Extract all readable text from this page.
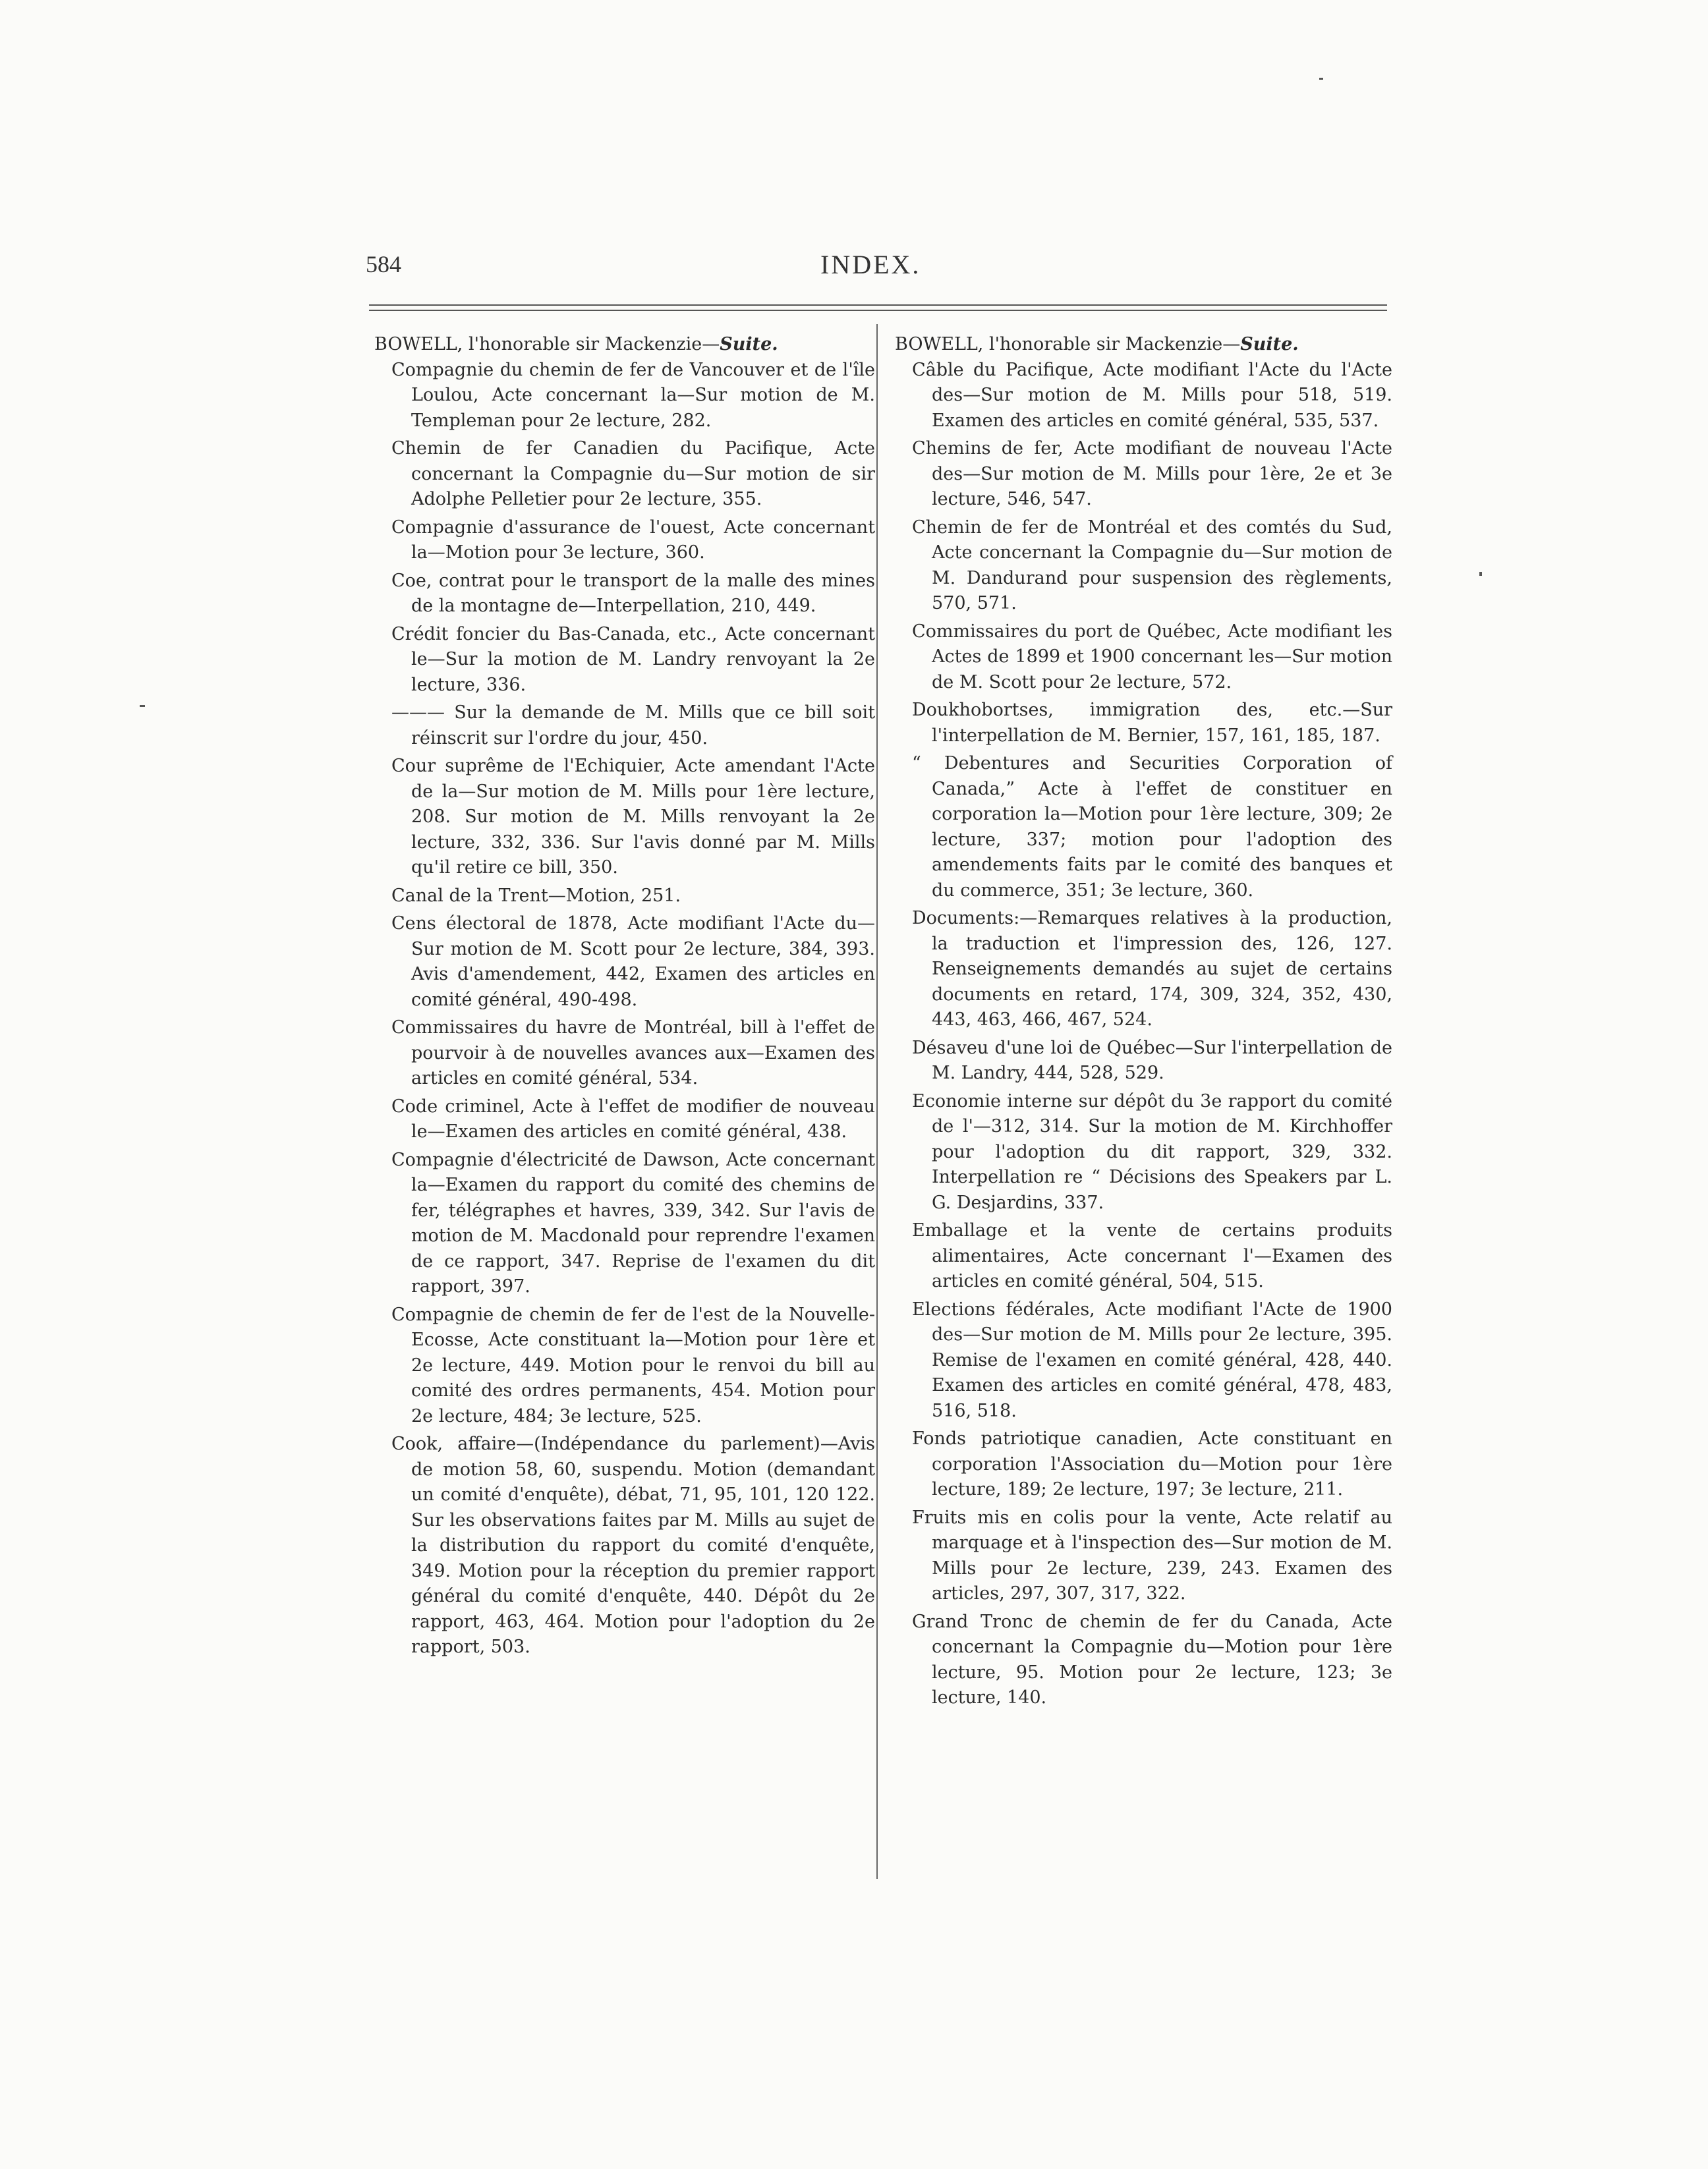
584	INDEX.
BOWELL, l'honorable sir Mackenzie—Suite.

Compagnie du chemin de fer de Vancouver et de l'île Loulou, Acte concernant la—Sur motion de M. Templeman pour 2e lecture, 282.

Chemin de fer Canadien du Pacifique, Acte concernant la Compagnie du—Sur motion de sir Adolphe Pelletier pour 2e lecture, 355.

Compagnie d'assurance de l'ouest, Acte concernant la—Motion pour 3e lecture, 360.

Coe, contrat pour le transport de la malle des mines de la montagne de—Interpellation, 210, 449.

Crédit foncier du Bas-Canada, etc., Acte concernant le—Sur la motion de M. Landry renvoyant la 2e lecture, 336.

——— Sur la demande de M. Mills que ce bill soit réinscrit sur l'ordre du jour, 450.

Cour suprême de l'Echiquier, Acte amendant l'Acte de la—Sur motion de M. Mills pour 1ère lecture, 208. Sur motion de M. Mills renvoyant la 2e lecture, 332, 336. Sur l'avis donné par M. Mills qu'il retire ce bill, 350.

Canal de la Trent—Motion, 251.

Cens électoral de 1878, Acte modifiant l'Acte du—Sur motion de M. Scott pour 2e lecture, 384, 393. Avis d'amendement, 442, Examen des articles en comité général, 490-498.

Commissaires du havre de Montréal, bill à l'effet de pourvoir à de nouvelles avances aux—Examen des articles en comité général, 534.

Code criminel, Acte à l'effet de modifier de nouveau le—Examen des articles en comité général, 438.

Compagnie d'électricité de Dawson, Acte concernant la—Examen du rapport du comité des chemins de fer, télégraphes et havres, 339, 342. Sur l'avis de motion de M. Macdonald pour reprendre l'examen de ce rapport, 347. Reprise de l'examen du dit rapport, 397.

Compagnie de chemin de fer de l'est de la Nouvelle-Ecosse, Acte constituant la—Motion pour 1ère et 2e lecture, 449. Motion pour le renvoi du bill au comité des ordres permanents, 454. Motion pour 2e lecture, 484; 3e lecture, 525.

Cook, affaire—(Indépendance du parlement)—Avis de motion 58, 60, suspendu. Motion (demandant un comité d'enquête), débat, 71, 95, 101, 120 122. Sur les observations faites par M. Mills au sujet de la distribution du rapport du comité d'enquête, 349. Motion pour la réception du premier rapport général du comité d'enquête, 440. Dépôt du 2e rapport, 463, 464. Motion pour l'adoption du 2e rapport, 503.

BOWELL, l'honorable sir Mackenzie—Suite.

Câble du Pacifique, Acte modifiant l'Acte du l'Acte des—Sur motion de M. Mills pour 518, 519. Examen des articles en comité général, 535, 537.

Chemins de fer, Acte modifiant de nouveau l'Acte des—Sur motion de M. Mills pour 1ère, 2e et 3e lecture, 546, 547.

Chemin de fer de Montréal et des comtés du Sud, Acte concernant la Compagnie du—Sur motion de M. Dandurand pour suspension des règlements, 570, 571.

Commissaires du port de Québec, Acte modifiant les Actes de 1899 et 1900 concernant les—Sur motion de M. Scott pour 2e lecture, 572.

Doukhobortses, immigration des, etc.—Sur l'interpellation de M. Bernier, 157, 161, 185, 187.

“ Debentures and Securities Corporation of Canada,” Acte à l'effet de constituer en corporation la—Motion pour 1ère lecture, 309; 2e lecture, 337; motion pour l'adoption des amendements faits par le comité des banques et du commerce, 351; 3e lecture, 360.

Documents:—Remarques relatives à la production, la traduction et l'impression des, 126, 127. Renseignements demandés au sujet de certains documents en retard, 174, 309, 324, 352, 430, 443, 463, 466, 467, 524.

Désaveu d'une loi de Québec—Sur l'interpellation de M. Landry, 444, 528, 529.

Economie interne sur dépôt du 3e rapport du comité de l'—312, 314. Sur la motion de M. Kirchhoffer pour l'adoption du dit rapport, 329, 332. Interpellation re “ Décisions des Speakers par L. G. Desjardins, 337.

Emballage et la vente de certains produits alimentaires, Acte concernant l'—Examen des articles en comité général, 504, 515.

Elections fédérales, Acte modifiant l'Acte de 1900 des—Sur motion de M. Mills pour 2e lecture, 395. Remise de l'examen en comité général, 428, 440. Examen des articles en comité général, 478, 483, 516, 518.

Fonds patriotique canadien, Acte constituant en corporation l'Association du—Motion pour 1ère lecture, 189; 2e lecture, 197; 3e lecture, 211.

Fruits mis en colis pour la vente, Acte relatif au marquage et à l'inspection des—Sur motion de M. Mills pour 2e lecture, 239, 243. Examen des articles, 297, 307, 317, 322.

Grand Tronc de chemin de fer du Canada, Acte concernant la Compagnie du—Motion pour 1ère lecture, 95. Motion pour 2e lecture, 123; 3e lecture, 140.
